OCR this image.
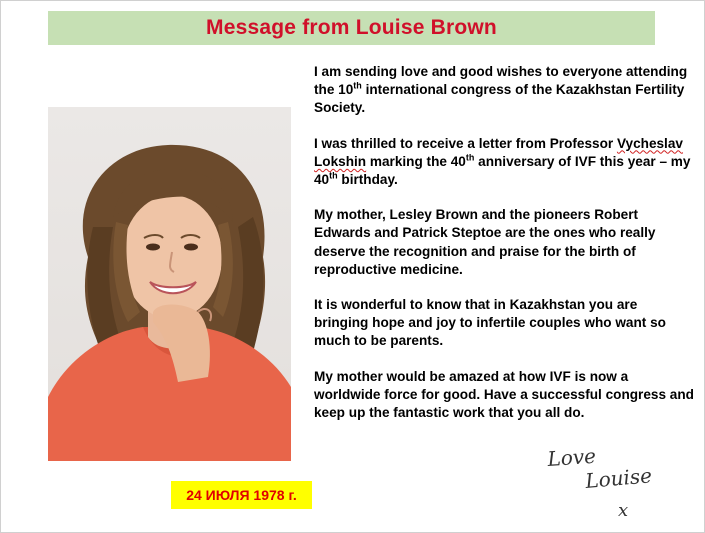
Message from Louise Brown
24 ИЮЛЯ 1978 г.

I am sending love and good wishes to everyone attending the 10th international congress of the Kazakhstan Fertility Society.

I was thrilled to receive a letter from Professor Vycheslav Lokshin marking the 40th anniversary of IVF this year – my 40th birthday.

My mother, Lesley Brown and the pioneers Robert Edwards and Patrick Steptoe are the ones who really deserve the recognition and praise for the birth of reproductive medicine.

It is wonderful to know that in Kazakhstan you are bringing hope and joy to infertile couples who want so much to be parents.

My mother would be amazed at how IVF is now a worldwide force for good. Have a successful congress and keep up the fantastic work that you all do.

Love
Louise
x
